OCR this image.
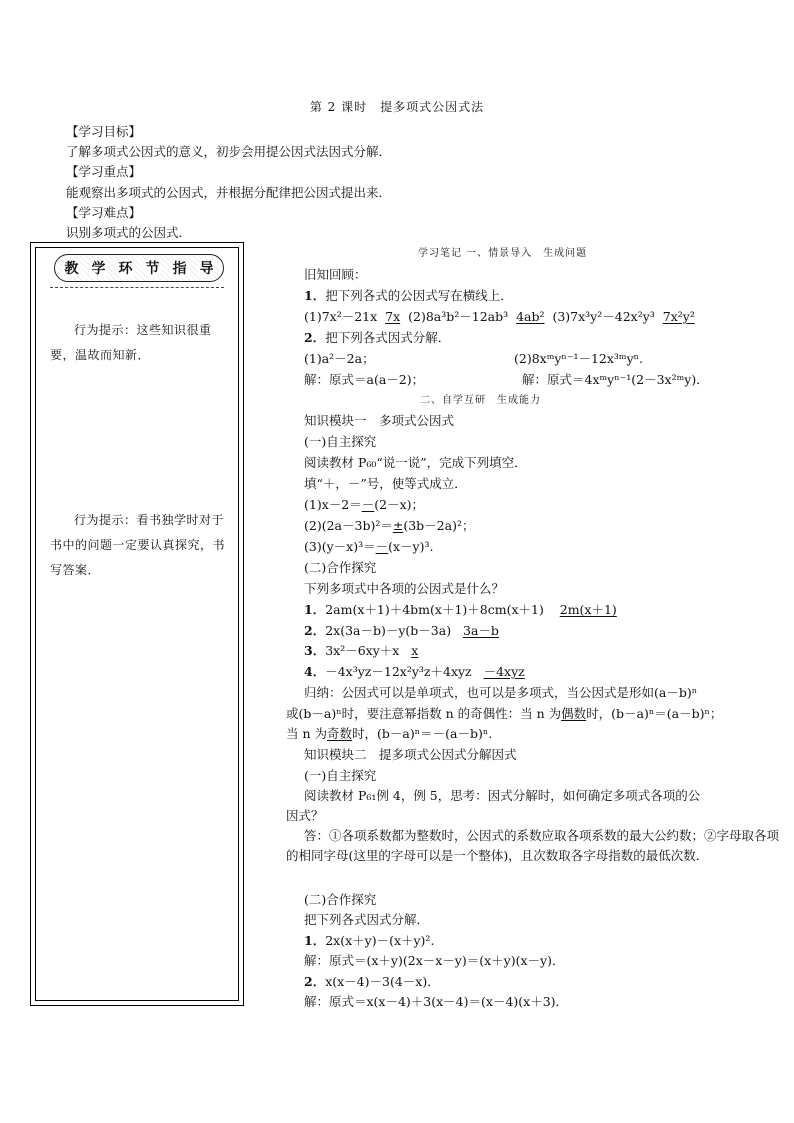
第 2 课时　提多项式公因式法
【学习目标】
了解多项式公因式的意义，初步会用提公因式法因式分解．
【学习重点】
能观察出多项式的公因式，并根据分配律把公因式提出来．
【学习难点】
识别多项式的公因式．
教 学 环 节 指 导
行为提示：这些知识很重要，温故而知新．
行为提示：看书独学时对于书中的问题一定要认真探究，书写答案．
学习笔记 一、情景导入　生成问题
旧知回顾：
1．把下列各式的公因式写在横线上．
(1)7x²－21x 7x (2)8a³b²－12ab³ 4ab² (3)7x³y²－42x²y³ 7x²y²
2．把下列各式因式分解．
(1)a²－2a；	(2)8xᵐyⁿ⁻¹－12x³ᵐyⁿ.
解：原式＝a(a－2)；	解：原式＝4xᵐyⁿ⁻¹(2－3x²ᵐy)．
二、自学互研　生成能力
知识模块一　多项式公因式
(一)自主探究
阅读教材 P₆₀“说一说”，完成下列填空．
填“＋，－”号，使等式成立．
(1)x－2＝－(2－x)；
(2)(2a－3b)²＝±(3b－2a)²；
(3)(y－x)³＝－(x－y)³.
(二)合作探究
下列多项式中各项的公因式是什么？
1．2am(x＋1)＋4bm(x＋1)＋8cm(x＋1) 2m(x＋1)
2．2x(3a－b)－y(b－3a) 3a－b
3．3x²－6xy＋x x
4．－4x³yz－12x²y³z＋4xyz －4xyz
归纳：公因式可以是单项式，也可以是多项式，当公因式是形如(a－b)ⁿ
或(b－a)ⁿ时，要注意幂指数 n 的奇偶性：当 n 为偶数时，(b－a)ⁿ＝(a－b)ⁿ；
当 n 为奇数时，(b－a)ⁿ＝－(a－b)ⁿ.
知识模块二　提多项式公因式分解因式
(一)自主探究
阅读教材 P₆₁例 4，例 5，思考：因式分解时，如何确定多项式各项的公
因式？
答：①各项系数都为整数时，公因式的系数应取各项系数的最大公约数；②字母取各项的相同字母(这里的字母可以是一个整体)，且次数取各字母指数的最低次数．
(二)合作探究
把下列各式因式分解．
1．2x(x＋y)－(x＋y)².
解：原式＝(x＋y)(2x－x－y)＝(x＋y)(x－y)．
2．x(x－4)－3(4－x)．
解：原式＝x(x－4)＋3(x－4)＝(x－4)(x＋3)．
